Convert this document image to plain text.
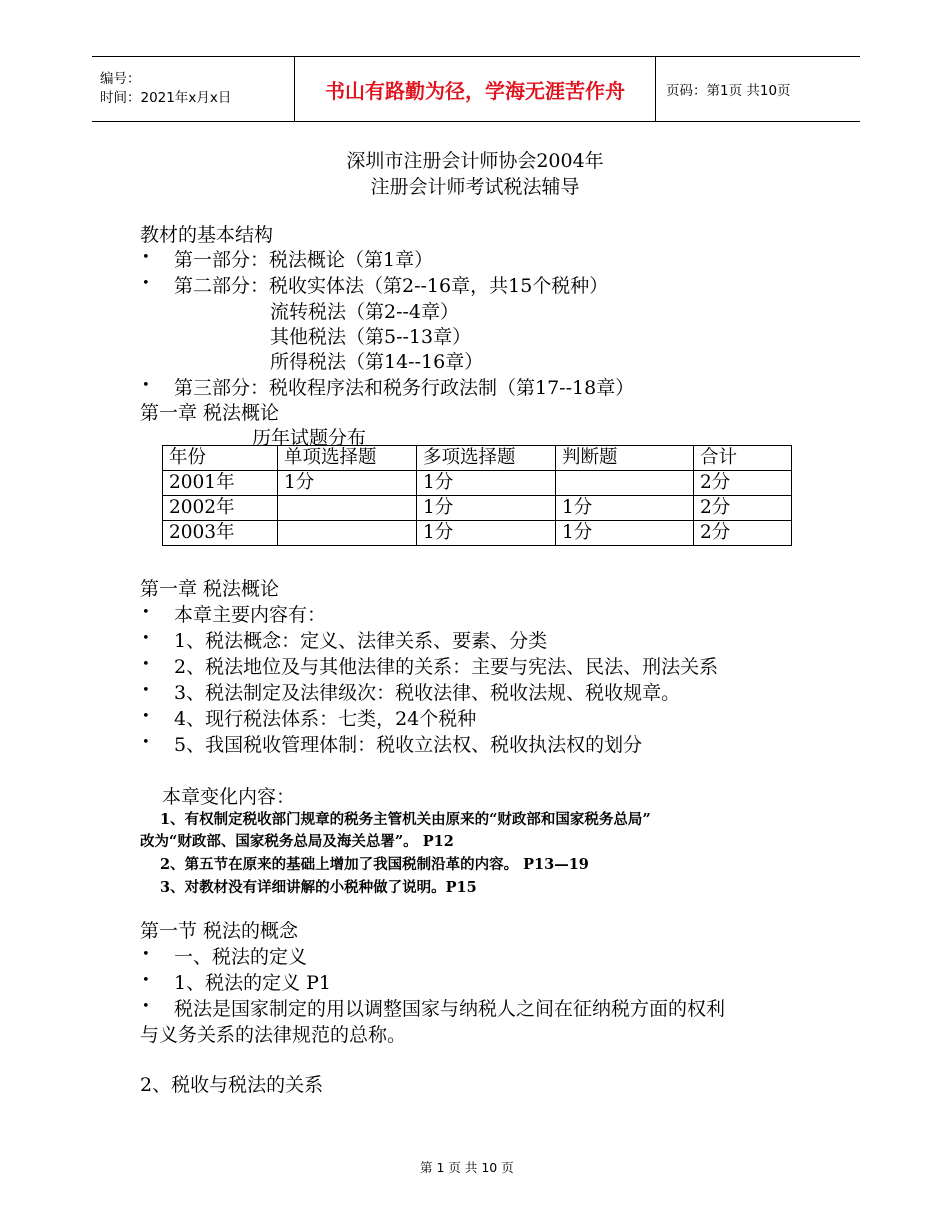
编号：
时间：2021年x月x日	书山有路勤为径，学海无涯苦作舟	页码：第1页 共10页
深圳市注册会计师协会2004年
注册会计师考试税法辅导
教材的基本结构
• 第一部分：税法概论（第1章）
• 第二部分：税收实体法（第2--16章，共15个税种）
流转税法（第2--4章）
其他税法（第5--13章）
所得税法（第14--16章）
• 第三部分：税收程序法和税务行政法制（第17--18章）
第一章 税法概论
历年试题分布
年份	单项选择题	多项选择题	判断题	合计
2001年	1分	1分		2分
2002年		1分	1分	2分
2003年		1分	1分	2分
第一章 税法概论
• 本章主要内容有：
• 1、税法概念：定义、法律关系、要素、分类
• 2、税法地位及与其他法律的关系：主要与宪法、民法、刑法关系
• 3、税法制定及法律级次：税收法律、税收法规、税收规章。
• 4、现行税法体系：七类，24个税种
• 5、我国税收管理体制：税收立法权、税收执法权的划分
本章变化内容：
1、有权制定税收部门规章的税务主管机关由原来的“财政部和国家税务总局”
改为“财政部、国家税务总局及海关总署”。 P12
2、第五节在原来的基础上增加了我国税制沿革的内容。 P13—19
3、对教材没有详细讲解的小税种做了说明。P15
第一节 税法的概念
• 一、税法的定义
• 1、税法的定义 P1
• 税法是国家制定的用以调整国家与纳税人之间在征纳税方面的权利
与义务关系的法律规范的总称。
2、税收与税法的关系
第 1 页 共 10 页
